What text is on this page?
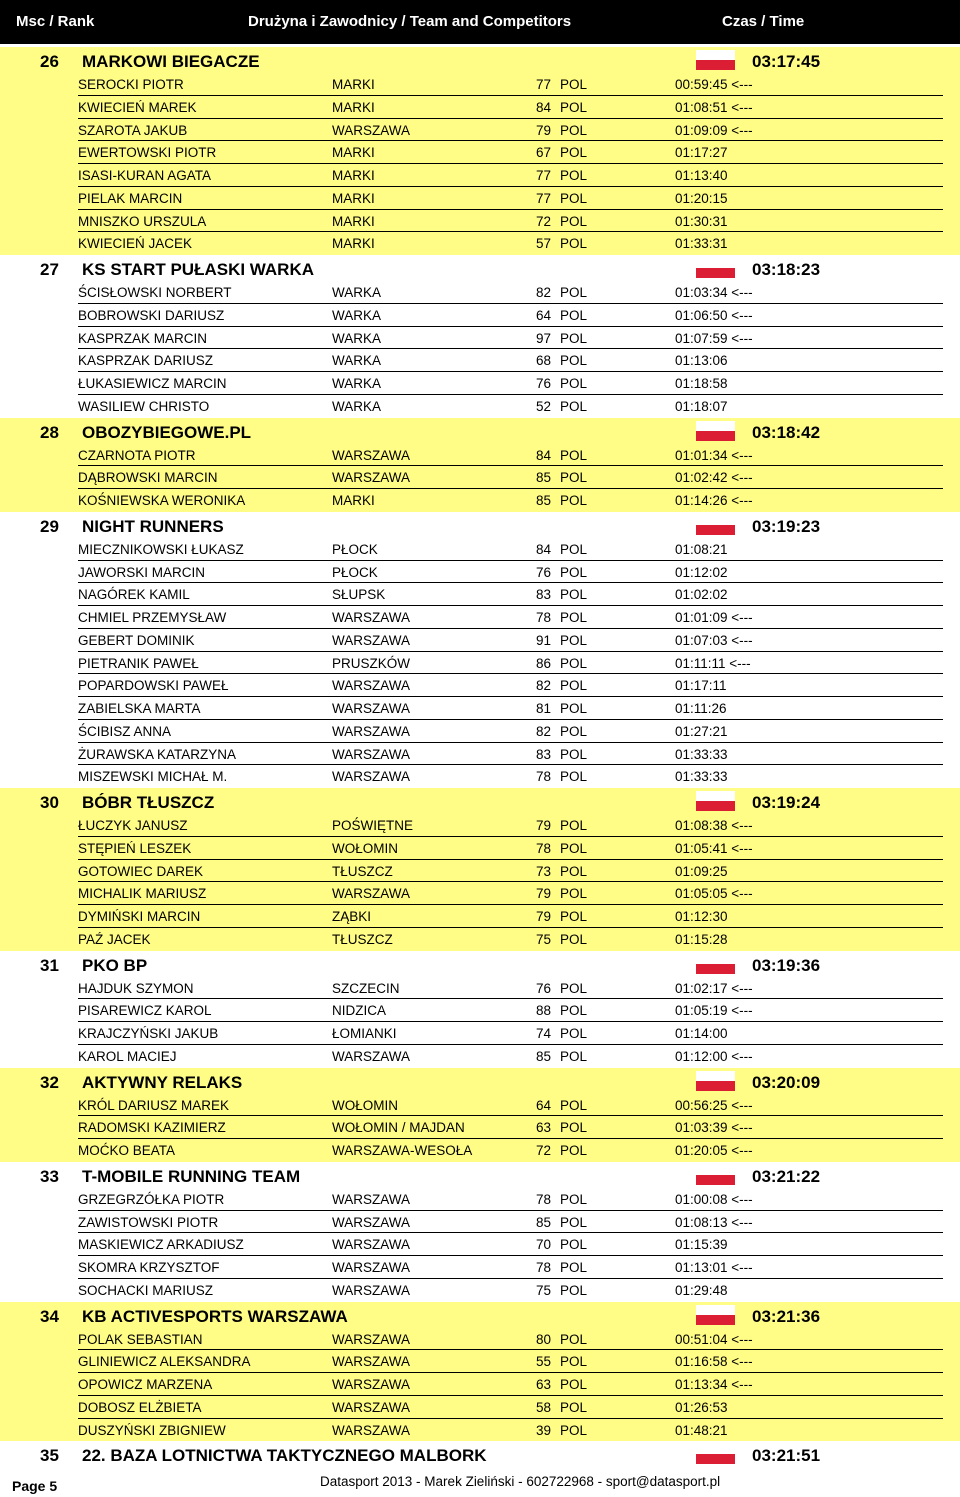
Msc / Rank	Drużyna i Zawodnicy / Team and Competitors	Czas / Time
26 MARKOWI BIEGACZE	03:17:45
SEROCKI PIOTR	MARKI	77 POL	00:59:45 <---
KWIECIEŃ MAREK	MARKI	84 POL	01:08:51 <---
SZAROTA JAKUB	WARSZAWA	79 POL	01:09:09 <---
EWERTOWSKI PIOTR	MARKI	67 POL	01:17:27
ISASI-KURAN AGATA	MARKI	77 POL	01:13:40
PIELAK MARCIN	MARKI	77 POL	01:20:15
MNISZKO URSZULA	MARKI	72 POL	01:30:31
KWIECIEŃ JACEK	MARKI	57 POL	01:33:31
27 KS START PUŁASKI WARKA	03:18:23
ŚCISŁOWSKI NORBERT	WARKA	82 POL	01:03:34 <---
BOBROWSKI DARIUSZ	WARKA	64 POL	01:06:50 <---
KASPRZAK MARCIN	WARKA	97 POL	01:07:59 <---
KASPRZAK DARIUSZ	WARKA	68 POL	01:13:06
ŁUKASIEWICZ MARCIN	WARKA	76 POL	01:18:58
WASILIEW CHRISTO	WARKA	52 POL	01:18:07
28 OBOZYBIEGOWE.PL	03:18:42
CZARNOTA PIOTR	WARSZAWA	84 POL	01:01:34 <---
DĄBROWSKI MARCIN	WARSZAWA	85 POL	01:02:42 <---
KOŚNIEWSKA WERONIKA	MARKI	85 POL	01:14:26 <---
29 NIGHT RUNNERS	03:19:23
MIECZNIKOWSKI ŁUKASZ	PŁOCK	84 POL	01:08:21
JAWORSKI MARCIN	PŁOCK	76 POL	01:12:02
NAGÓREK KAMIL	SŁUPSK	83 POL	01:02:02
CHMIEL PRZEMYSŁAW	WARSZAWA	78 POL	01:01:09 <---
GEBERT DOMINIK	WARSZAWA	91 POL	01:07:03 <---
PIETRANIK PAWEŁ	PRUSZKÓW	86 POL	01:11:11 <---
POPARDOWSKI PAWEŁ	WARSZAWA	82 POL	01:17:11
ZABIELSKA MARTA	WARSZAWA	81 POL	01:11:26
ŚCIBISZ ANNA	WARSZAWA	82 POL	01:27:21
ŻURAWSKA KATARZYNA	WARSZAWA	83 POL	01:33:33
MISZEWSKI MICHAŁ M.	WARSZAWA	78 POL	01:33:33
30 BÓBR TŁUSZCZ	03:19:24
ŁUCZYK JANUSZ	POŚWIĘTNE	79 POL	01:08:38 <---
STĘPIEŃ LESZEK	WOŁOMIN	78 POL	01:05:41 <---
GOTOWIEC DAREK	TŁUSZCZ	73 POL	01:09:25
MICHALIK MARIUSZ	WARSZAWA	79 POL	01:05:05 <---
DYMIŃSKI MARCIN	ZĄBKI	79 POL	01:12:30
PAŹ JACEK	TŁUSZCZ	75 POL	01:15:28
31 PKO BP	03:19:36
HAJDUK SZYMON	SZCZECIN	76 POL	01:02:17 <---
PISAREWICZ KAROL	NIDZICA	88 POL	01:05:19 <---
KRAJCZYŃSKI JAKUB	ŁOMIANKI	74 POL	01:14:00
KAROL MACIEJ	WARSZAWA	85 POL	01:12:00 <---
32 AKTYWNY RELAKS	03:20:09
KRÓL DARIUSZ MAREK	WOŁOMIN	64 POL	00:56:25 <---
RADOMSKI KAZIMIERZ	WOŁOMIN / MAJDAN	63 POL	01:03:39 <---
MOĆKO BEATA	WARSZAWA-WESOŁA	72 POL	01:20:05 <---
33 T-MOBILE RUNNING TEAM	03:21:22
GRZEGRZÓŁKA PIOTR	WARSZAWA	78 POL	01:00:08 <---
ZAWISTOWSKI PIOTR	WARSZAWA	85 POL	01:08:13 <---
MASKIEWICZ ARKADIUSZ	WARSZAWA	70 POL	01:15:39
SKOMRA KRZYSZTOF	WARSZAWA	78 POL	01:13:01 <---
SOCHACKI MARIUSZ	WARSZAWA	75 POL	01:29:48
34 KB ACTIVESPORTS WARSZAWA	03:21:36
POLAK SEBASTIAN	WARSZAWA	80 POL	00:51:04 <---
GLINIEWICZ ALEKSANDRA	WARSZAWA	55 POL	01:16:58 <---
OPOWICZ MARZENA	WARSZAWA	63 POL	01:13:34 <---
DOBOSZ ELŻBIETA	WARSZAWA	58 POL	01:26:53
DUSZYŃSKI ZBIGNIEW	WARSZAWA	39 POL	01:48:21
35 22. BAZA LOTNICTWA TAKTYCZNEGO MALBORK	03:21:51
Page 5	Datasport 2013 - Marek Zieliński - 602722968 - sport@datasport.pl
